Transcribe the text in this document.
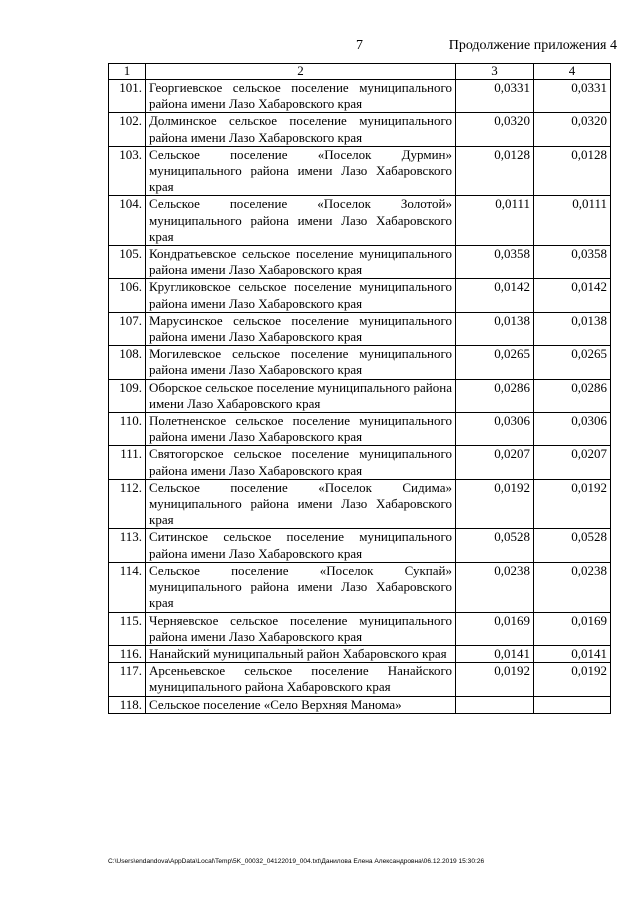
7	Продолжение приложения 4
1	2	3	4
101.	Георгиевское сельское поселение муниципального района имени Лазо Хабаровского края	0,0331	0,0331
102.	Долминское сельское поселение муниципального района имени Лазо Хабаровского края	0,0320	0,0320
103.	Сельское поселение «Поселок Дурмин» муниципального района имени Лазо Хабаровского края	0,0128	0,0128
104.	Сельское поселение «Поселок Золотой» муниципального района имени Лазо Хабаровского края	0,0111	0,0111
105.	Кондратьевское сельское поселение муниципального района имени Лазо Хабаровского края	0,0358	0,0358
106.	Кругликовское сельское поселение муниципального района имени Лазо Хабаровского края	0,0142	0,0142
107.	Марусинское сельское поселение муниципального района имени Лазо Хабаровского края	0,0138	0,0138
108.	Могилевское сельское поселение муниципального района имени Лазо Хабаровского края	0,0265	0,0265
109.	Оборское сельское поселение муниципального района имени Лазо Хабаровского края	0,0286	0,0286
110.	Полетненское сельское поселение муниципального района имени Лазо Хабаровского края	0,0306	0,0306
111.	Святогорское сельское поселение муниципального района имени Лазо Хабаровского края	0,0207	0,0207
112.	Сельское поселение «Поселок Сидима» муниципального района имени Лазо Хабаровского края	0,0192	0,0192
113.	Ситинское сельское поселение муниципального района имени Лазо Хабаровского края	0,0528	0,0528
114.	Сельское поселение «Поселок Сукпай» муниципального района имени Лазо Хабаровского края	0,0238	0,0238
115.	Черняевское сельское поселение муниципального района имени Лазо Хабаровского края	0,0169	0,0169
116.	Нанайский муниципальный район Хабаровского края	0,0141	0,0141
117.	Арсеньевское сельское поселение Нанайского муниципального района Хабаровского края	0,0192	0,0192
118.	Сельское поселение «Село Верхняя Манома»		
C:\Users\endandova\AppData\Local\Temp\5K_00032_04122019_004.txt\Данилова Елена Александровна\06.12.2019 15:30:26
